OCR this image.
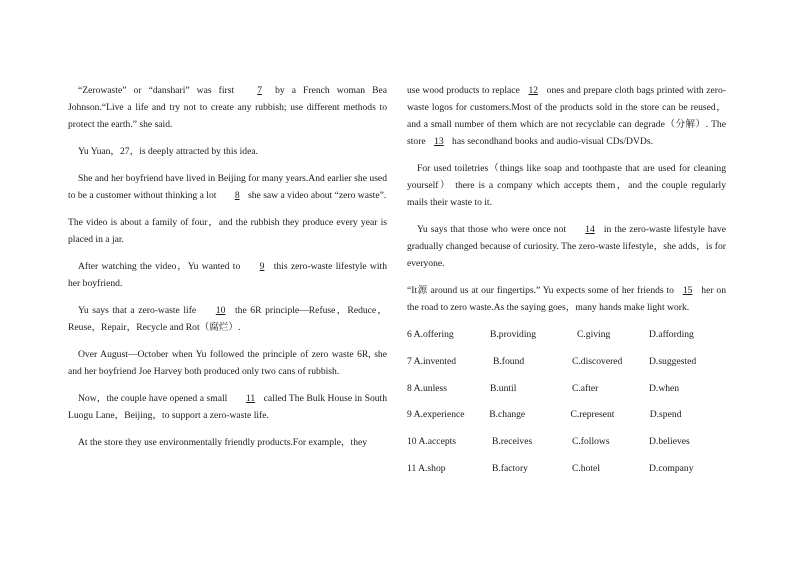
“Zerowaste” or “danshari” was first 7 by a French woman Bea Johnson.“Live a life and try not to create any rubbish; use different methods to protect the earth.” she said.

Yu Yuan，27，is deeply attracted by this idea.

She and her boyfriend have lived in Beijing for many years.And earlier she used to be a customer without thinking a lot 8 she saw a video about “zero waste”.

The video is about a family of four，and the rubbish they produce every year is placed in a jar.

After watching the video，Yu wanted to 9 this zero-waste lifestyle with her boyfriend.

Yu says that a zero-waste life 10 the 6R principle—Refuse，Reduce，Reuse，Repair，Recycle and Rot（腐烂）.

Over August—October when Yu followed the principle of zero waste 6R, she and her boyfriend Joe Harvey both produced only two cans of rubbish.

Now，the couple have opened a small 11 called The Bulk House in South Luogu Lane，Beijing，to support a zero-waste life.

At the store they use environmentally friendly products.For example，they

use wood products to replace 12 ones and prepare cloth bags printed with zero-waste logos for customers.Most of the products sold in the store can be reused，and a small number of them which are not recyclable can degrade（分解）. The store 13 has secondhand books and audio-visual CDs/DVDs.

For used toiletries（things like soap and toothpaste that are used for cleaning yourself） there is a company which accepts them，and the couple regularly mails their waste to it.

Yu says that those who were once not 14 in the zero-waste lifestyle have gradually changed because of curiosity. The zero-waste lifestyle，she adds，is for everyone.

“It源 around us at our fingertips.” Yu expects some of her friends to 15 her on the road to zero waste.As the saying goes，many hands make light work.

6 A.offering	B.providing	C.giving	D.affording
7 A.invented	B.found	C.discovered	D.suggested
8 A.unless	B.until	C.after	D.when
9 A.experience	B.change	C.represent	D.spend
10 A.accepts	B.receives	C.follows	D.believes
11 A.shop	B.factory	C.hotel	D.company
